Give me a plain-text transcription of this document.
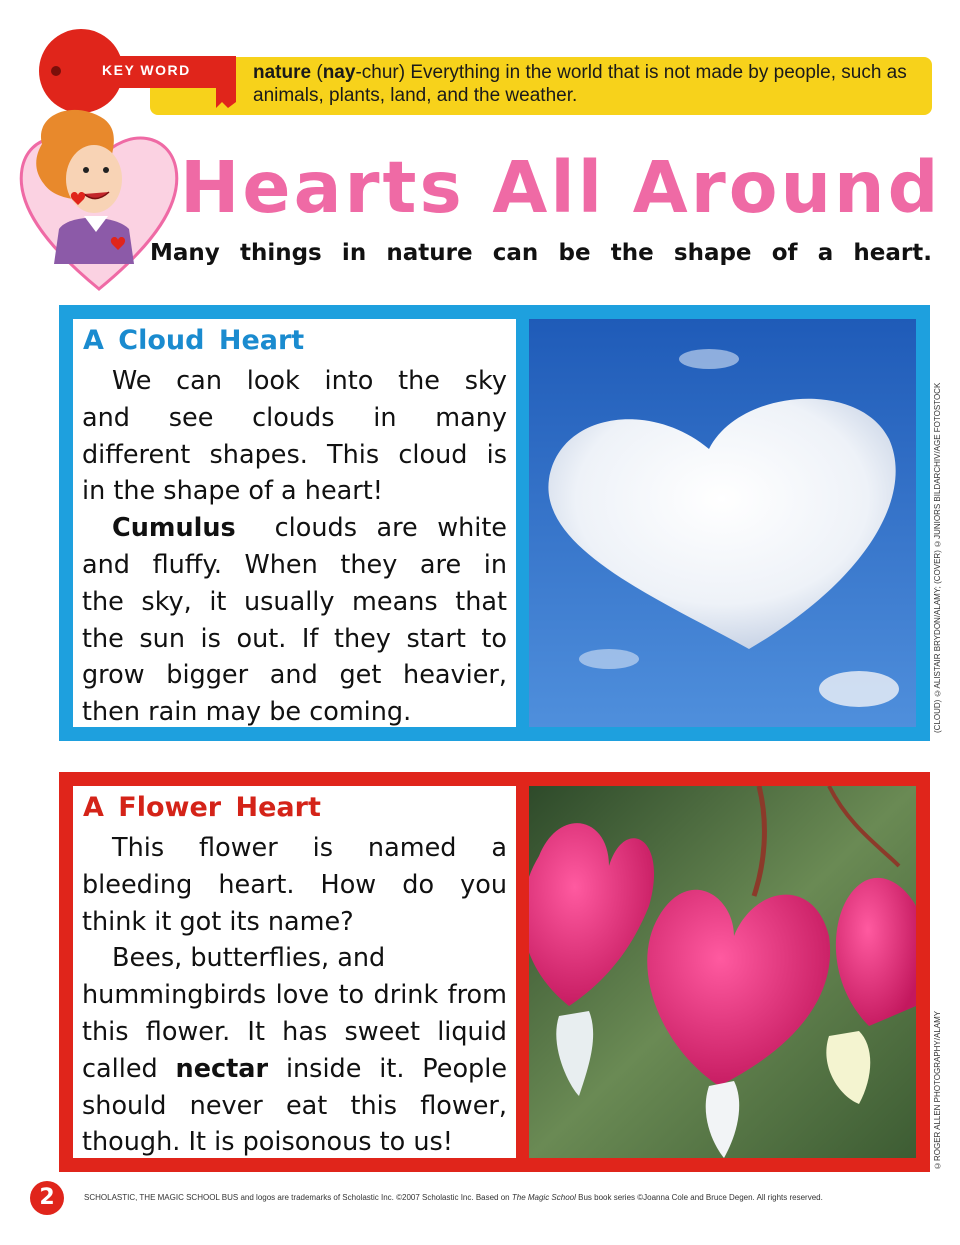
KEY WORD	nature (nay-chur) Everything in the world that is not made by people, such as animals, plants, land, and the weather.
Hearts All Around
Many things in nature can be the shape of a heart.
A Cloud Heart
We can look into the sky
and see clouds in many
different shapes. This cloud is
in the shape of a heart!
Cumulus clouds are white
and fluffy. When they are in
the sky, it usually means that
the sun is out. If they start to
grow bigger and get heavier,
then rain may be coming.	(CLOUD) ©ALISTAIR BRYDON/ALAMY; (COVER) ©JUNIORS BILDARCHIV/AGE FOTOSTOCK
A Flower Heart
This flower is named a
bleeding heart. How do you
think it got its name?
Bees, butterflies, and
hummingbirds love to drink from
this flower. It has sweet liquid
called nectar inside it. People
should never eat this flower,
though. It is poisonous to us!	©ROGER ALLEN PHOTOGRAPHY/ALAMY
2	SCHOLASTIC, THE MAGIC SCHOOL BUS and logos are trademarks of Scholastic Inc. ©2007 Scholastic Inc. Based on The Magic School Bus book series ©Joanna Cole and Bruce Degen. All rights reserved.
